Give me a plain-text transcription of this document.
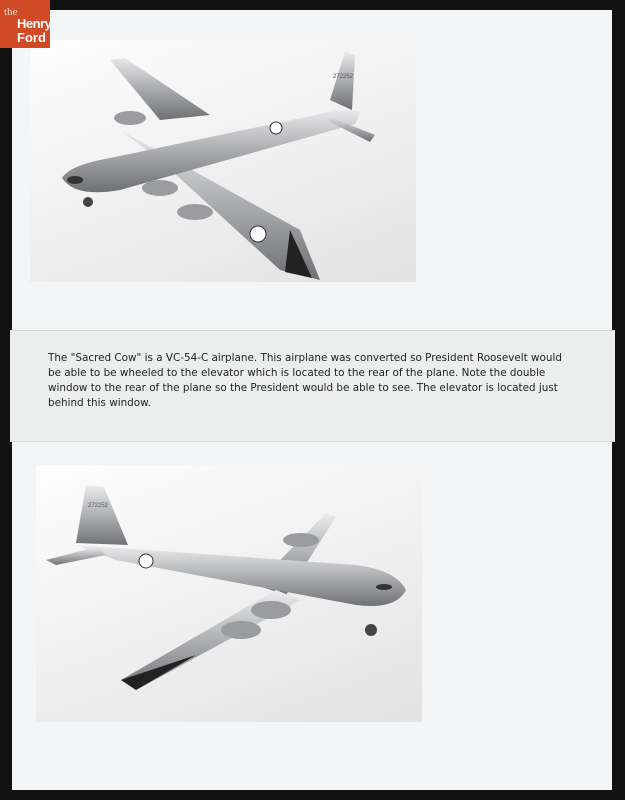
the
Henry
Ford
272252
The "Sacred Cow" is a VC-54-C airplane. This airplane was converted so President Roosevelt would be able to be wheeled to the elevator which is located to the rear of the plane. Note the double window to the rear of the plane so the President would be able to see. The elevator is located just behind this window.
272252
